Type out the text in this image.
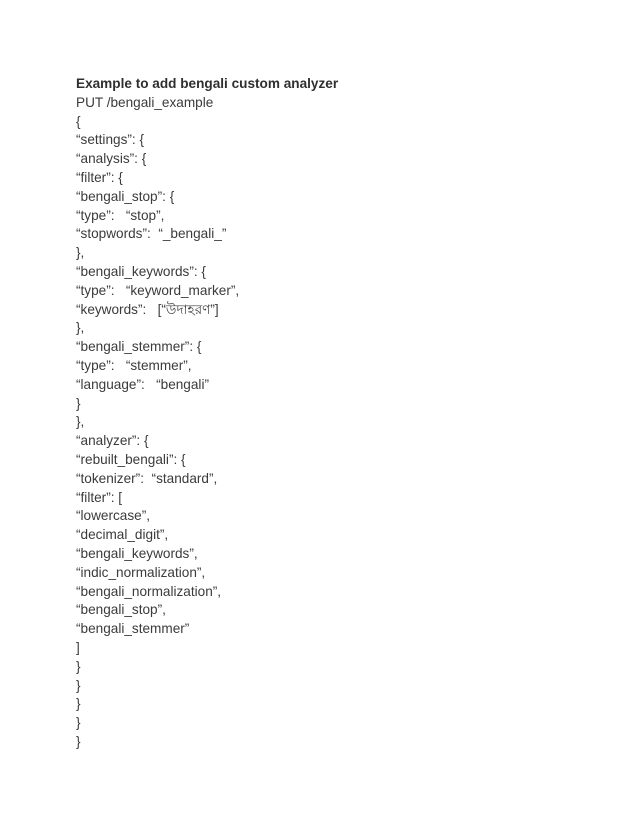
Example to add bengali custom analyzer
PUT /bengali_example
{
“settings”: {
“analysis”: {
“filter”: {
“bengali_stop”: {
“type”:   “stop”,
“stopwords”:  “_bengali_”
},
“bengali_keywords”: {
“type”:   “keyword_marker”,
“keywords”:   [“উদাহরণ”]
},
“bengali_stemmer”: {
“type”:   “stemmer”,
“language”:   “bengali”
}
},
“analyzer”: {
“rebuilt_bengali”: {
“tokenizer”:  “standard”,
“filter”: [
“lowercase”,
“decimal_digit”,
“bengali_keywords”,
“indic_normalization”,
“bengali_normalization”,
“bengali_stop”,
“bengali_stemmer”
]
}
}
}
}
}
